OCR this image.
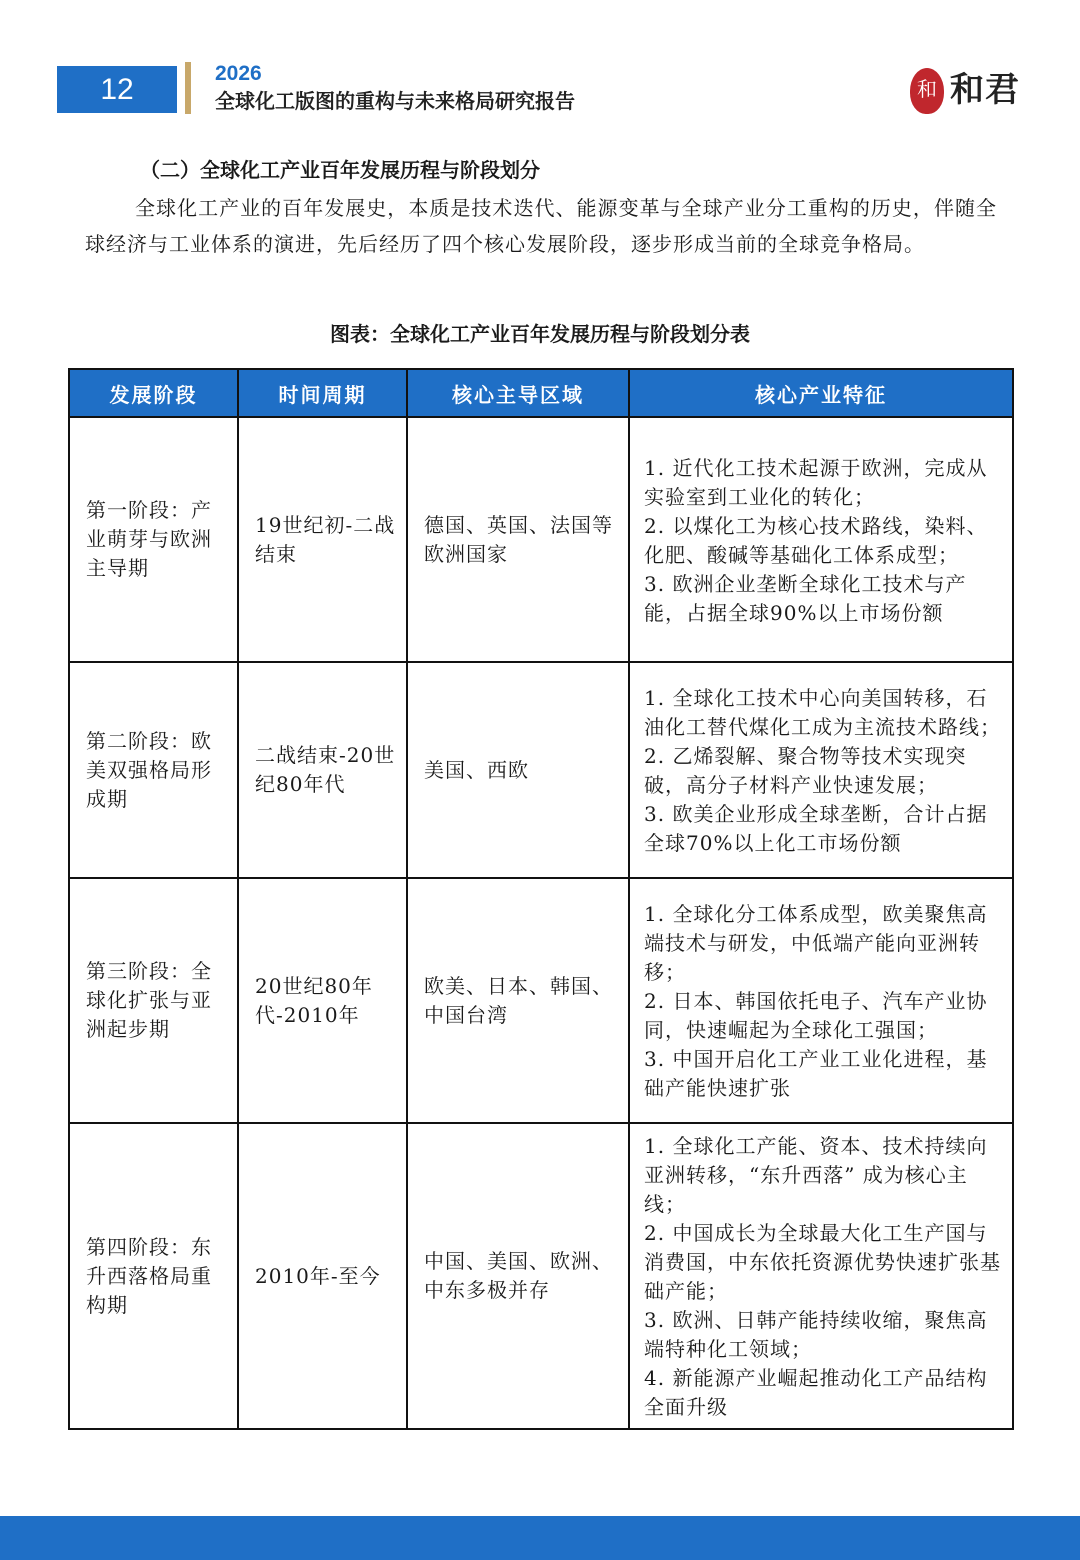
12	2026
全球化工版图的重构与未来格局研究报告	和 和君
（二）全球化工产业百年发展历程与阶段划分
全球化工产业的百年发展史，本质是技术迭代、能源变革与全球产业分工重构的历史，伴随全球经济与工业体系的演进，先后经历了四个核心发展阶段，逐步形成当前的全球竞争格局。
图表：全球化工产业百年发展历程与阶段划分表
发展阶段	时间周期	核心主导区域	核心产业特征
第一阶段：产业萌芽与欧洲主导期	19世纪初-二战结束	德国、英国、法国等欧洲国家	1. 近代化工技术起源于欧洲，完成从实验室到工业化的转化；
2. 以煤化工为核心技术路线，染料、化肥、酸碱等基础化工体系成型；
3. 欧洲企业垄断全球化工技术与产能，占据全球90%以上市场份额

第二阶段：欧美双强格局形成期	二战结束-20世纪80年代	美国、西欧	1. 全球化工技术中心向美国转移，石油化工替代煤化工成为主流技术路线；
2. 乙烯裂解、聚合物等技术实现突破，高分子材料产业快速发展；
3. 欧美企业形成全球垄断，合计占据全球70%以上化工市场份额

第三阶段：全球化扩张与亚洲起步期	20世纪80年代-2010年	欧美、日本、韩国、中国台湾	1. 全球化分工体系成型，欧美聚焦高端技术与研发，中低端产能向亚洲转移；
2. 日本、韩国依托电子、汽车产业协同，快速崛起为全球化工强国；
3. 中国开启化工产业工业化进程，基础产能快速扩张

第四阶段：东升西落格局重构期	2010年-至今	中国、美国、欧洲、中东多极并存	1. 全球化工产能、资本、技术持续向亚洲转移，“东升西落” 成为核心主线；
2. 中国成长为全球最大化工生产国与消费国，中东依托资源优势快速扩张基础产能；
3. 欧洲、日韩产能持续收缩，聚焦高端特种化工领域；
4. 新能源产业崛起推动化工产品结构全面升级
